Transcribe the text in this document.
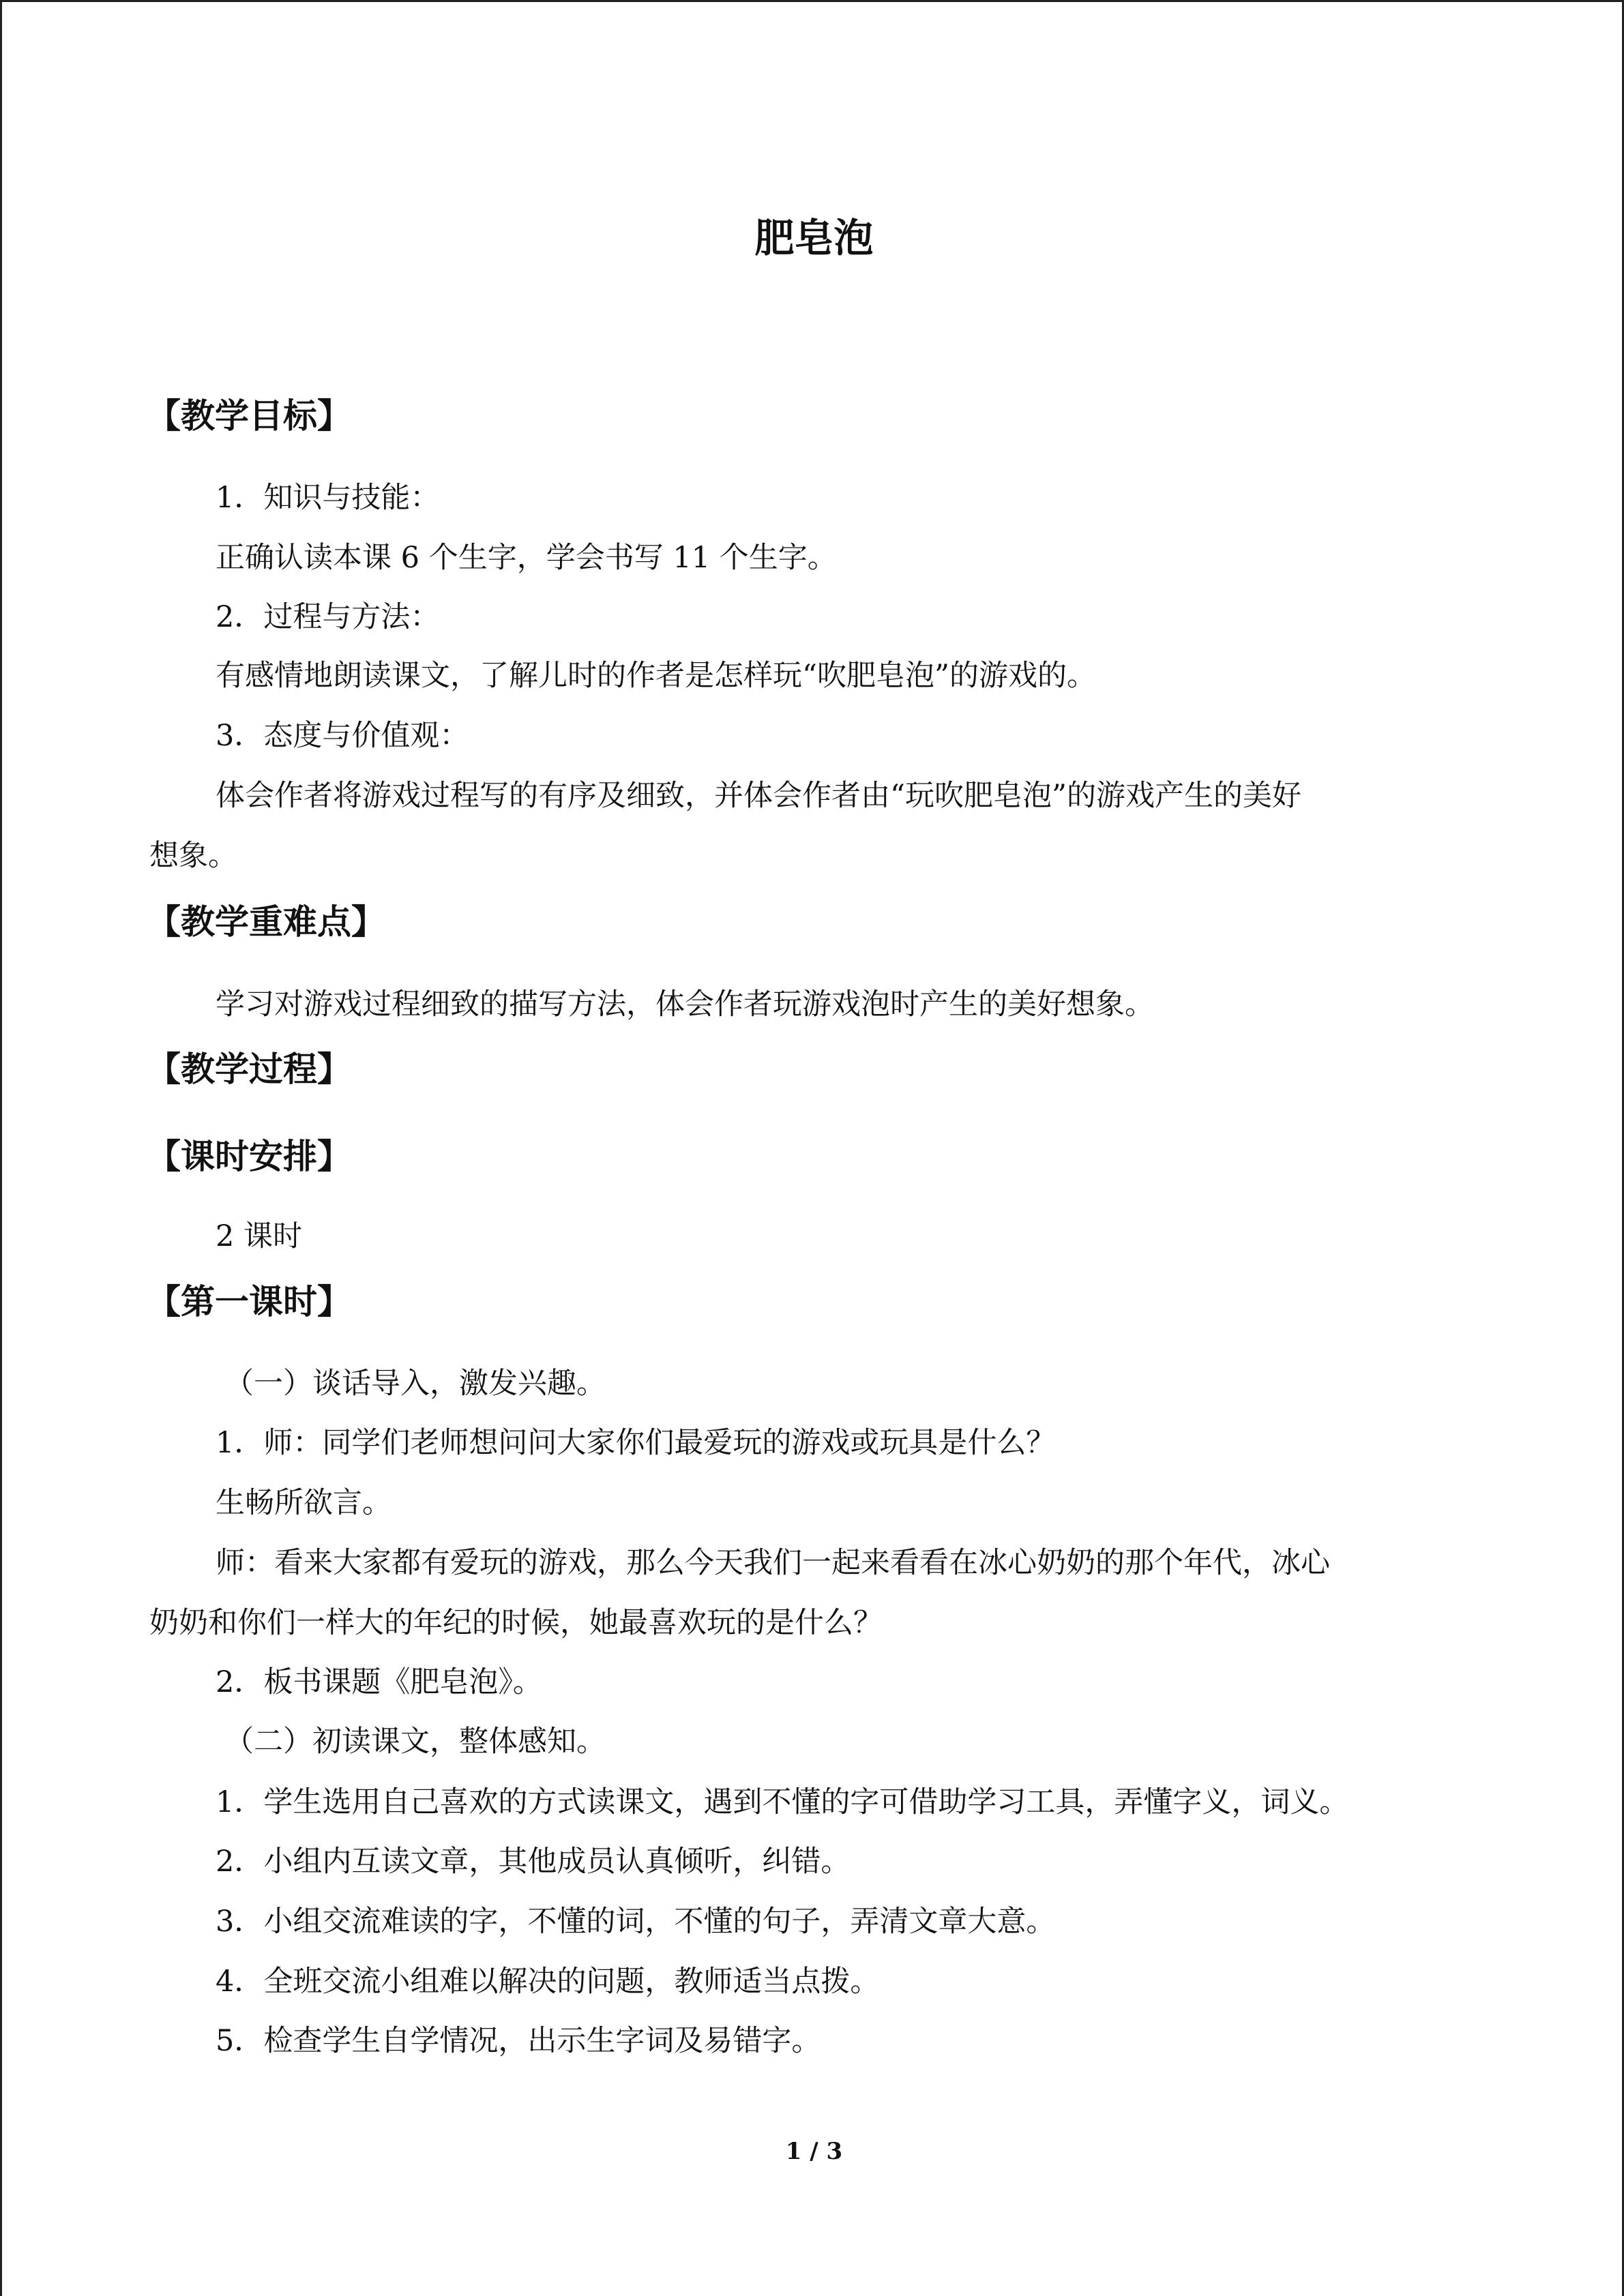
肥皂泡
【教学目标】
1．知识与技能：
正确认读本课 6 个生字，学会书写 11 个生字。
2．过程与方法：
有感情地朗读课文，了解儿时的作者是怎样玩“吹肥皂泡”的游戏的。
3．态度与价值观：
体会作者将游戏过程写的有序及细致，并体会作者由“玩吹肥皂泡”的游戏产生的美好
想象。
【教学重难点】
学习对游戏过程细致的描写方法，体会作者玩游戏泡时产生的美好想象。
【教学过程】
【课时安排】
2 课时
【第一课时】
（一）谈话导入，激发兴趣。
1．师：同学们老师想问问大家你们最爱玩的游戏或玩具是什么？
生畅所欲言。
师：看来大家都有爱玩的游戏，那么今天我们一起来看看在冰心奶奶的那个年代，冰心
奶奶和你们一样大的年纪的时候，她最喜欢玩的是什么？
2．板书课题《肥皂泡》。
（二）初读课文，整体感知。
1．学生选用自己喜欢的方式读课文，遇到不懂的字可借助学习工具，弄懂字义，词义。
2．小组内互读文章，其他成员认真倾听，纠错。
3．小组交流难读的字，不懂的词，不懂的句子，弄清文章大意。
4．全班交流小组难以解决的问题，教师适当点拨。
5．检查学生自学情况，出示生字词及易错字。
1 / 3
